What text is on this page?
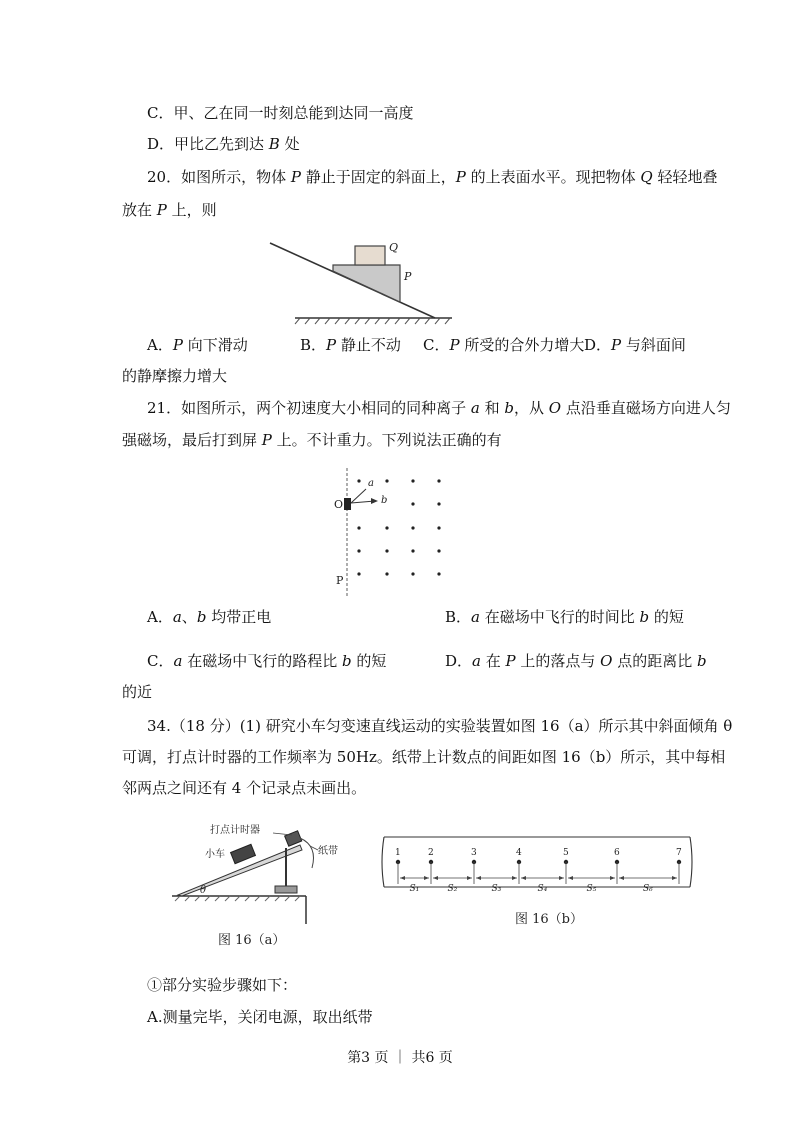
C．甲、乙在同一时刻总能到达同一高度
D．甲比乙先到达 B 处
20．如图所示，物体 P 静止于固定的斜面上，P 的上表面水平。现把物体 Q 轻轻地叠
放在 P 上，则
Q
P
A．P 向下滑动	B．P 静止不动 C．P 所受的合外力增大 D．P 与斜面间
的静摩擦力增大
21．如图所示，两个初速度大小相同的同种离子 a 和 b，从 O 点沿垂直磁场方向进人匀
强磁场，最后打到屏 P 上。不计重力。下列说法正确的有
O
P
a
b
A．a、b 均带正电	B．a 在磁场中飞行的时间比 b 的短
C．a 在磁场中飞行的路程比 b 的短	D．a 在 P 上的落点与 O 点的距离比 b
的近
34.（18 分）(1) 研究小车匀变速直线运动的实验装置如图 16（a）所示其中斜面倾角 θ
可调，打点计时器的工作频率为 50Hz。纸带上计数点的间距如图 16（b）所示，其中每相
邻两点之间还有 4 个记录点未画出。
打点计时器
小车	纸带
θ
图 16（a）
1	2	3	4	5	6	7
S₁	S₂	S₃	S₄	S₅	S₆
图 16（b）
①部分实验步骤如下：
A.测量完毕，关闭电源，取出纸带
第3 页 ｜ 共6 页
